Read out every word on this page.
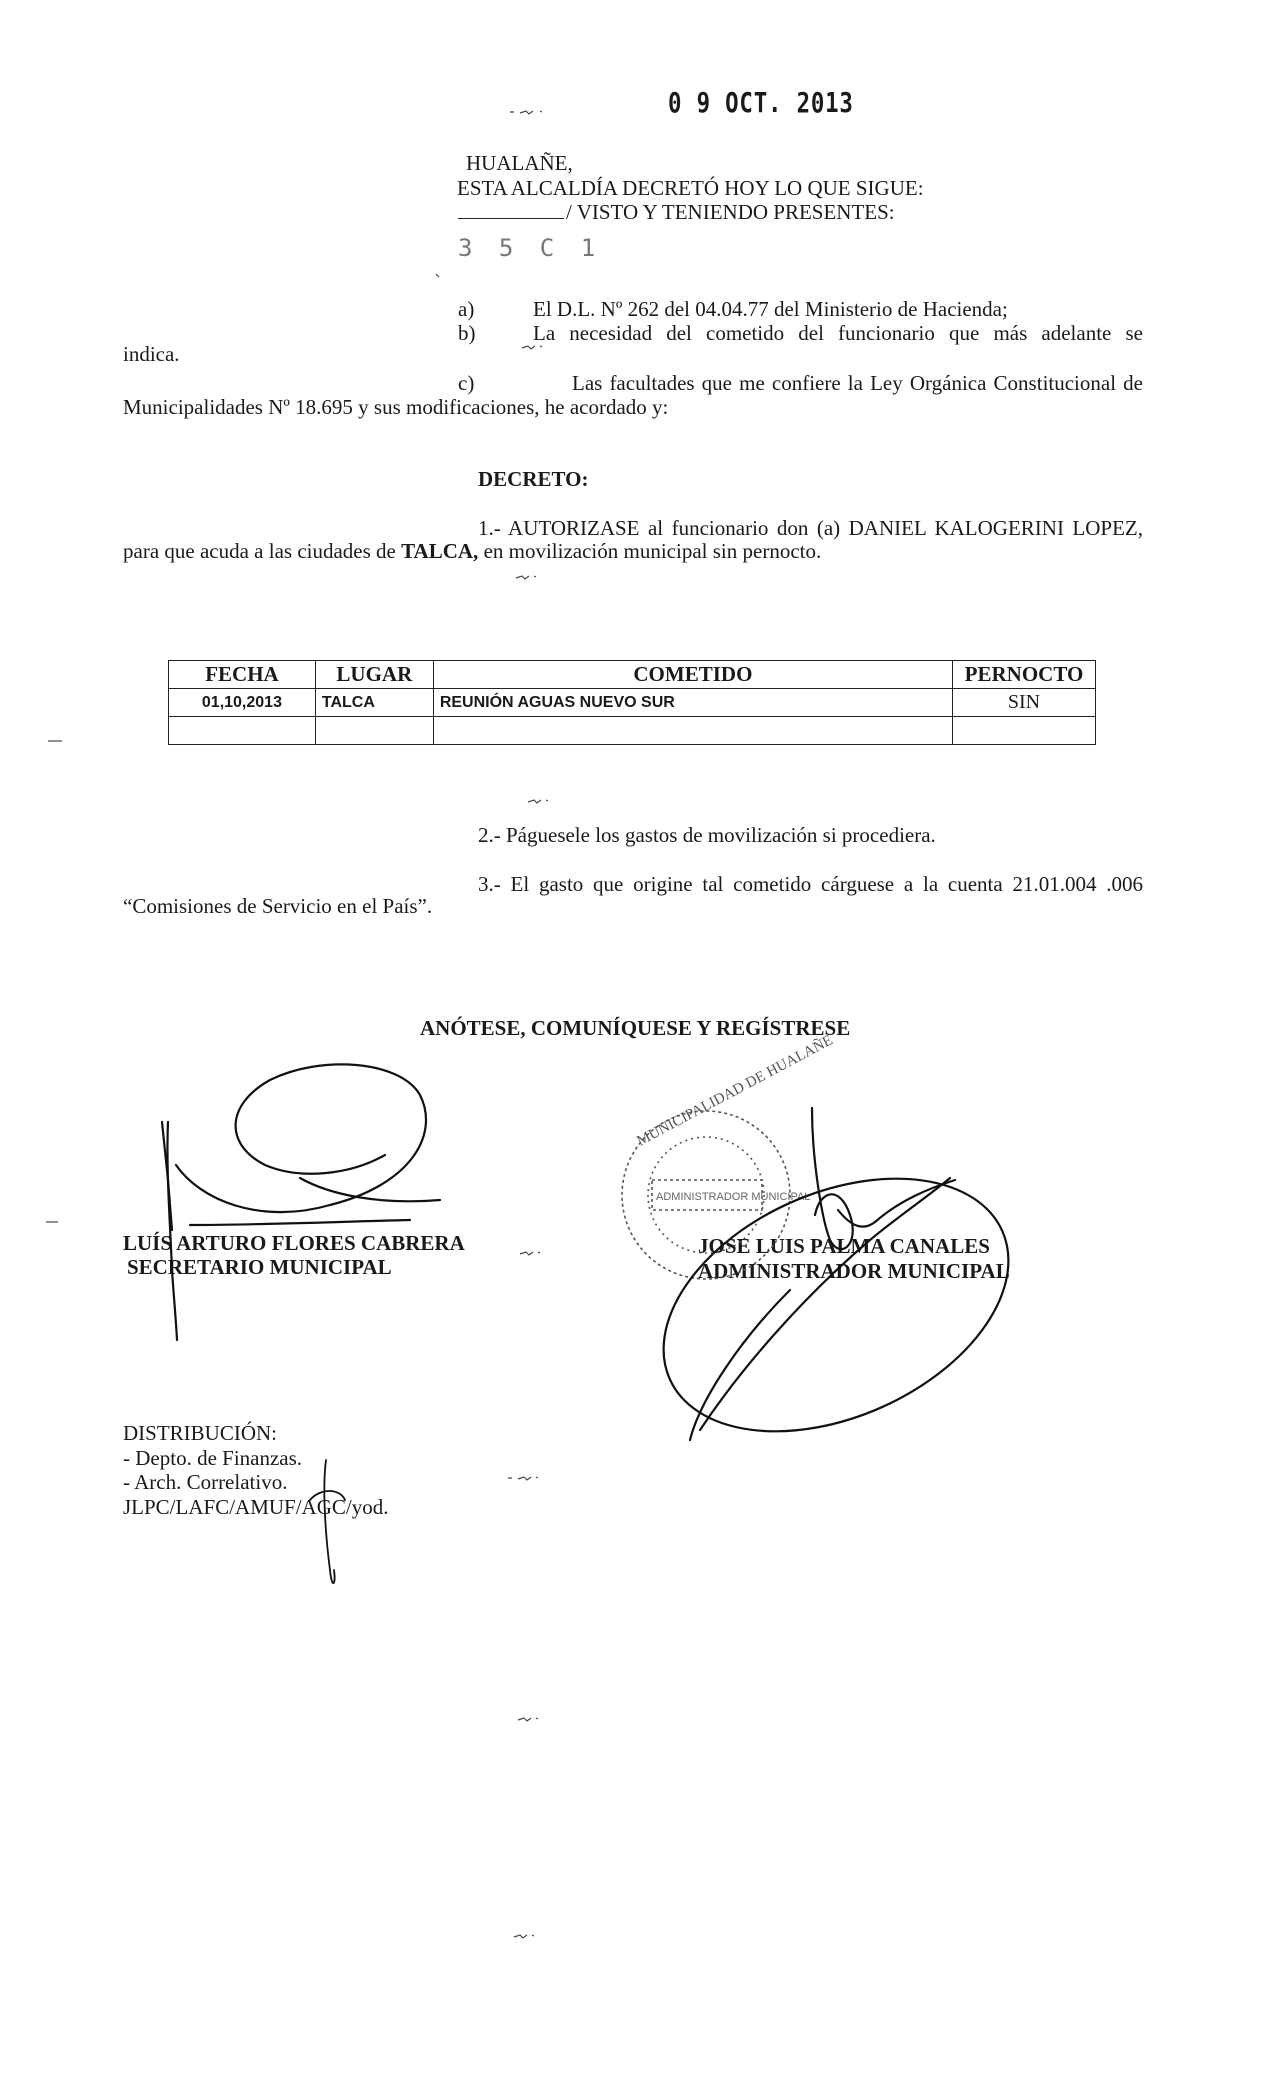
0 9 OCT. 2013
HUALAÑE,
ESTA ALCALDÍA DECRETÓ HOY LO QUE SIGUE:
/ VISTO Y TENIENDO PRESENTES:
3 5 C 1
a)	El D.L. Nº 262 del 04.04.77 del Ministerio de Hacienda;
b)	La necesidad del cometido del funcionario que más adelante se
indica.
c)	Las facultades que me confiere la Ley Orgánica Constitucional de
Municipalidades Nº 18.695 y sus modificaciones, he acordado y:
DECRETO:
1.- AUTORIZASE al funcionario don (a) DANIEL KALOGERINI LOPEZ,
para que acuda a las ciudades de TALCA, en movilización municipal sin pernocto.
FECHA	LUGAR	COMETIDO	PERNOCTO
01,10,2013	TALCA	REUNIÓN AGUAS NUEVO SUR	SIN

2.- Páguesele los gastos de movilización si procediera.
3.- El gasto que origine tal cometido cárguese a la cuenta 21.01.004 .006
“Comisiones de Servicio en el País”.
ANÓTESE, COMUNÍQUESE Y REGÍSTRESE
LUÍS ARTURO FLORES CABRERA
SECRETARIO MUNICIPAL
JOSE LUIS PALMA CANALES
ADMINISTRADOR MUNICIPAL
DISTRIBUCIÓN:
- Depto. de Finanzas.
- Arch. Correlativo.
JLPC/LAFC/AMUF/AGC/yod.
MUNICIPALIDAD DE HUALAÑE
ADMINISTRADOR MUNICIPAL
